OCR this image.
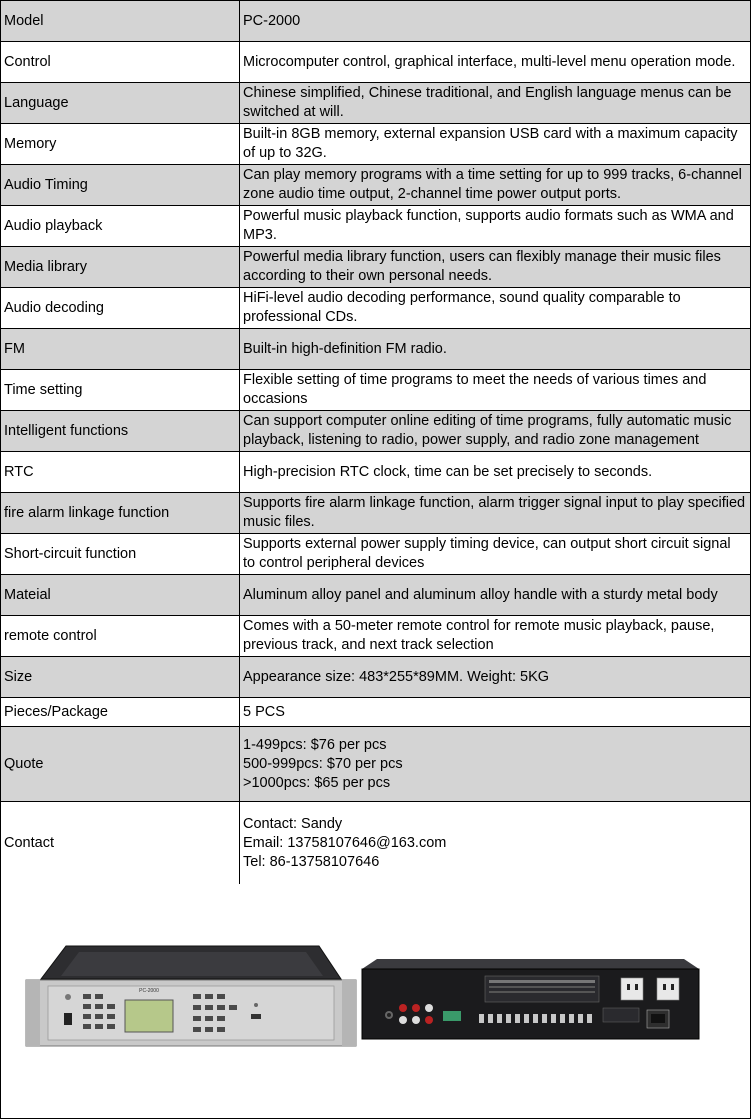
Model	PC-2000

Control	Microcomputer control, graphical interface, multi-level menu operation mode.

Language	Chinese simplified, Chinese traditional, and English language menus can be
switched at will.

Memory	Built-in 8GB memory, external expansion USB card with a maximum capacity
of up to 32G.

Audio Timing	Can play memory programs with a time setting for up to 999 tracks, 6-channel
zone audio time output, 2-channel time power output ports.

Audio playback	Powerful music playback function, supports audio formats such as WMA and
MP3.

Media library	Powerful media library function, users can flexibly manage their music files
according to their own personal needs.

Audio decoding	HiFi-level audio decoding performance, sound quality comparable to
professional CDs.

FM	Built-in high-definition FM radio.

Time setting	Flexible setting of time programs to meet the needs of various times and
occasions

Intelligent functions	Can support computer online editing of time programs, fully automatic music
playback, listening to radio, power supply, and radio zone management

RTC	High-precision RTC clock, time can be set precisely to seconds.

fire alarm linkage function	Supports fire alarm linkage function, alarm trigger signal input to play specified
music files.

Short-circuit function	Supports external power supply timing device, can output short circuit signal
to control peripheral devices

Mateial	Aluminum alloy panel and aluminum alloy handle with a sturdy metal body

remote control	Comes with a 50-meter remote control for remote music playback, pause,
previous track, and next track selection

Size	Appearance size: 483*255*89MM. Weight: 5KG

Pieces/Package	5 PCS

Quote	1-499pcs: $76 per pcs
500-999pcs: $70 per pcs
>1000pcs: $65 per pcs

Contact	Contact: Sandy
Email: 13758107646@163.com
Tel: 86-13758107646
PC-2000
